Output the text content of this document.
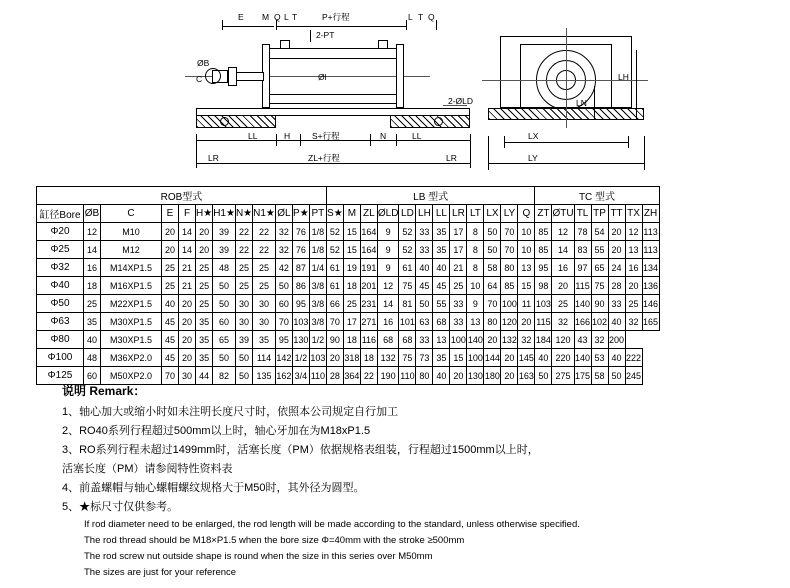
E M Q L T	P+行程	L T Q
2-PT
ØB
C	Øl
2-ØLD
LL	H	S+行程	N	LL
LR	ZL+行程	LR
LN
LH
LX
LY
ROB型式												LB 型式												TC 型式						
缸径Bore	ØB	C	E	F	H★	H1★	N★	N1★	ØL	P★	PT	S★	M	ZL	ØLD	LD	LH	LL	LR	LT	LX	LY	Q	ZT	ØTU	TL	TP	TT	TX	ZH
Φ20	12	M10	20	14	20	39	22	22	32	76	1/8	52	15	164	9	52	33	35	17	8	50	70	10	85	12	78	54	20	12	113
Φ25	14	M12	20	14	20	39	22	22	32	76	1/8	52	15	164	9	52	33	35	17	8	50	70	10	85	14	83	55	20	13	113
Φ32	16	M14XP1.5	25	21	25	48	25	25	42	87	1/4	61	19	191	9	61	40	40	21	8	58	80	13	95	16	97	65	24	16	134
Φ40	18	M16XP1.5	25	21	25	50	25	25	50	86	3/8	61	18	201	12	75	45	45	25	10	64	85	15	98	20	115	75	28	20	136
Φ50	25	M22XP1.5	40	20	25	50	30	30	60	95	3/8	66	25	231	14	81	50	55	33	9	70	100	11	103	25	140	90	33	25	146
Φ63	35	M30XP1.5	45	20	35	60	30	30	70	103	3/8	70	17	271	16	101	63	68	33	13	80	120	20	115	32	166	102	40	32	165
Φ80	40	M30XP1.5	45	20	35	65	39	35	95	130	1/2	90	18	116	68	68	33	13	100	140	20	132	32	184	120	43	32	200		
Φ100	48	M36XP2.0	45	20	35	50	50	114	142	1/2	103	20	318	18	132	75	73	35	15	100	144	20	145	40	220	140	53	40	222	
Φ125	60	M50XP2.0	70	30	44	82	50	135	162	3/4	110	28	364	22	190	110	80	40	20	130	180	20	163	50	275	175	58	50	245	
说明 Remark：
1、轴心加大或缩小时如未注明长度尺寸时，依照本公司规定自行加工
2、RO40系列行程超过500mm以上时，轴心牙加在为M18xP1.5
3、RO系列行程未超过1499mm时，活塞长度（PM）依据规格表组装，行程超过1500mm以上时，
活塞长度（PM）请参阅特性资料表
4、前盖螺帽与轴心螺帽螺纹规格大于M50时，其外径为圆型。
5、★标尺寸仅供参考。
If rod diameter need to be enlarged, the rod length will be made according to the standard, unless otherwise specified.
The rod thread should be M18×P1.5 when the bore size Φ=40mm with the stroke ≥500mm
The rod screw nut outside shape is round when the size in this series over M50mm
The sizes are just for your reference
